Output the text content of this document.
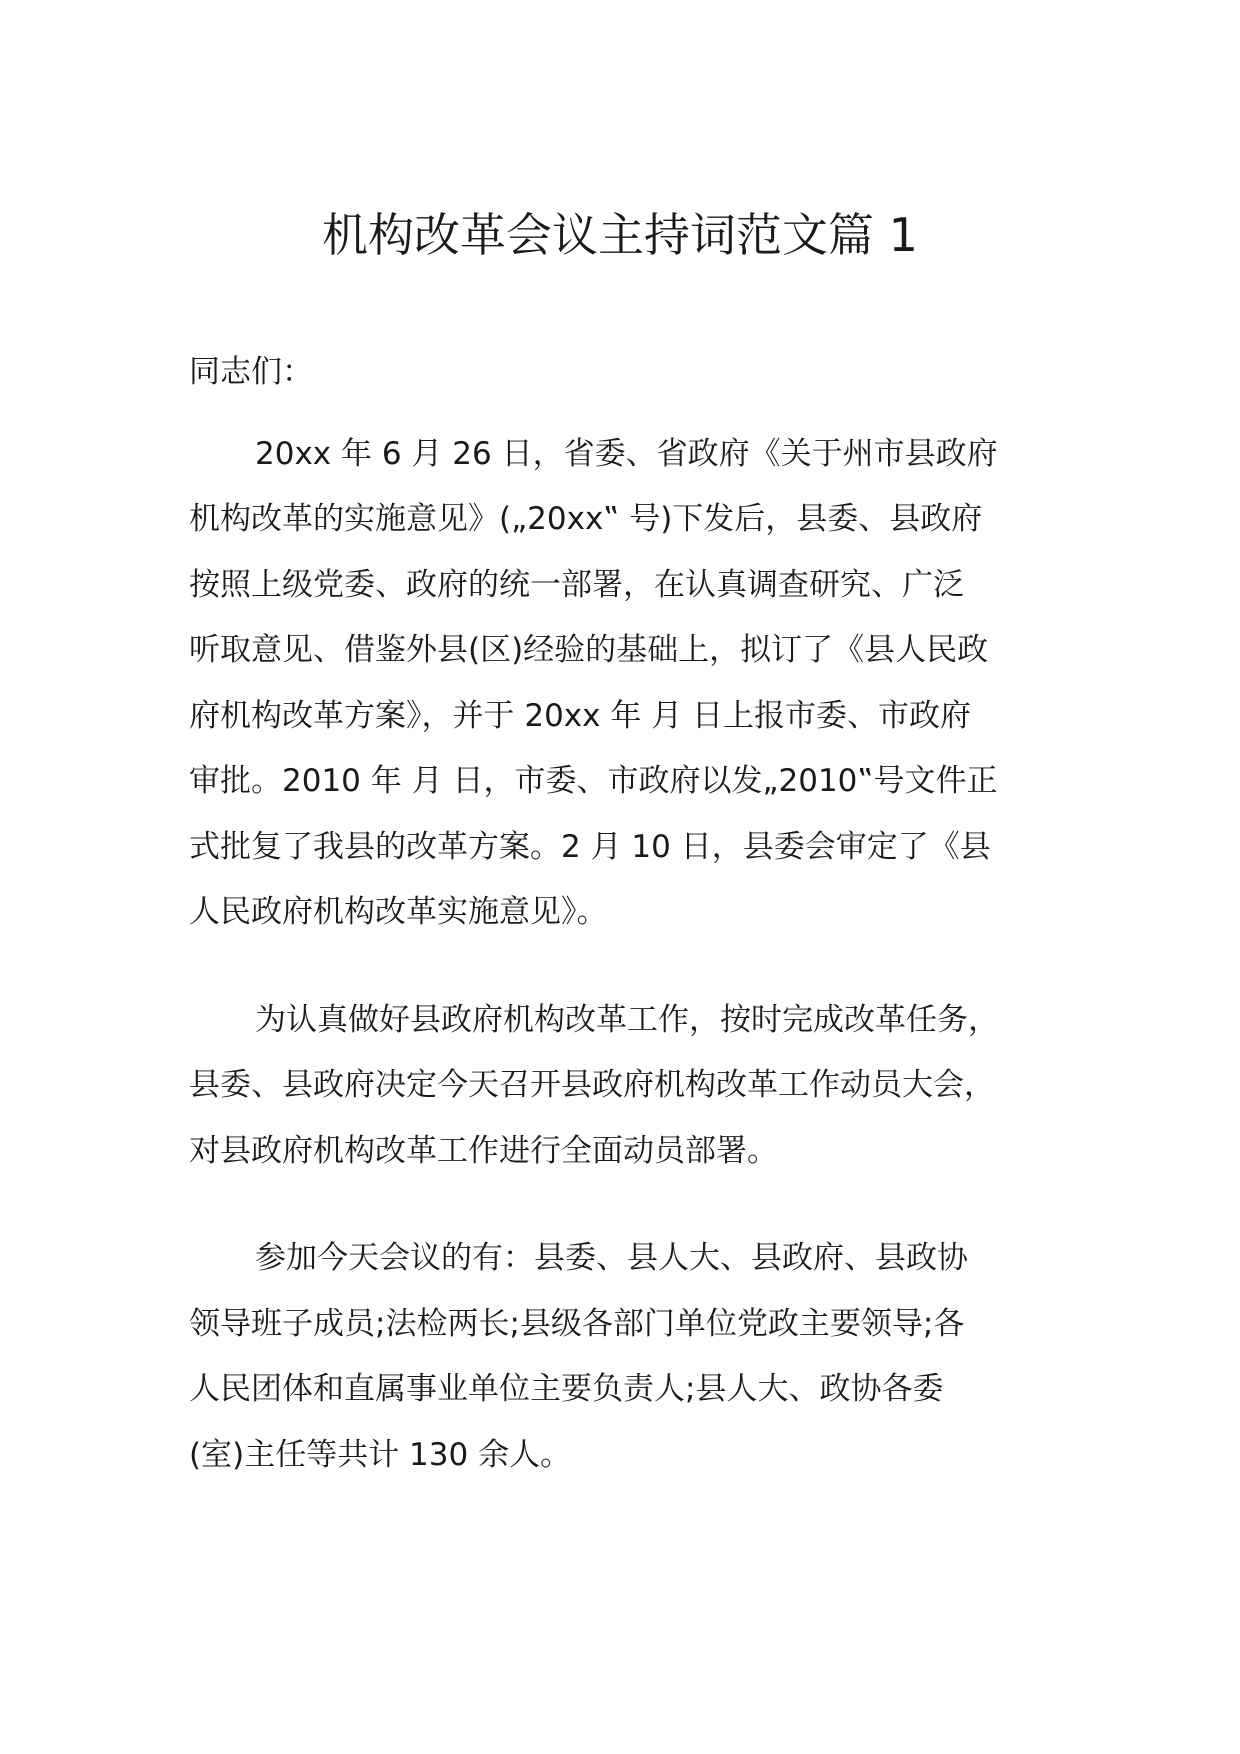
机构改革会议主持词范文篇 1

同志们：

20xx 年 6 月 26 日，省委、省政府《关于州市县政府
机构改革的实施意见》(„20xx‟ 号)下发后，县委、县政府
按照上级党委、政府的统一部署，在认真调查研究、广泛
听取意见、借鉴外县(区)经验的基础上，拟订了《县人民政
府机构改革方案》，并于 20xx 年 月 日上报市委、市政府
审批。2010 年 月 日，市委、市政府以发„2010‟号文件正
式批复了我县的改革方案。2 月 10 日，县委会审定了《县
人民政府机构改革实施意见》。

为认真做好县政府机构改革工作，按时完成改革任务，
县委、县政府决定今天召开县政府机构改革工作动员大会，
对县政府机构改革工作进行全面动员部署。

参加今天会议的有：县委、县人大、县政府、县政协
领导班子成员;法检两长;县级各部门单位党政主要领导;各
人民团体和直属事业单位主要负责人;县人大、政协各委
(室)主任等共计 130 余人。
